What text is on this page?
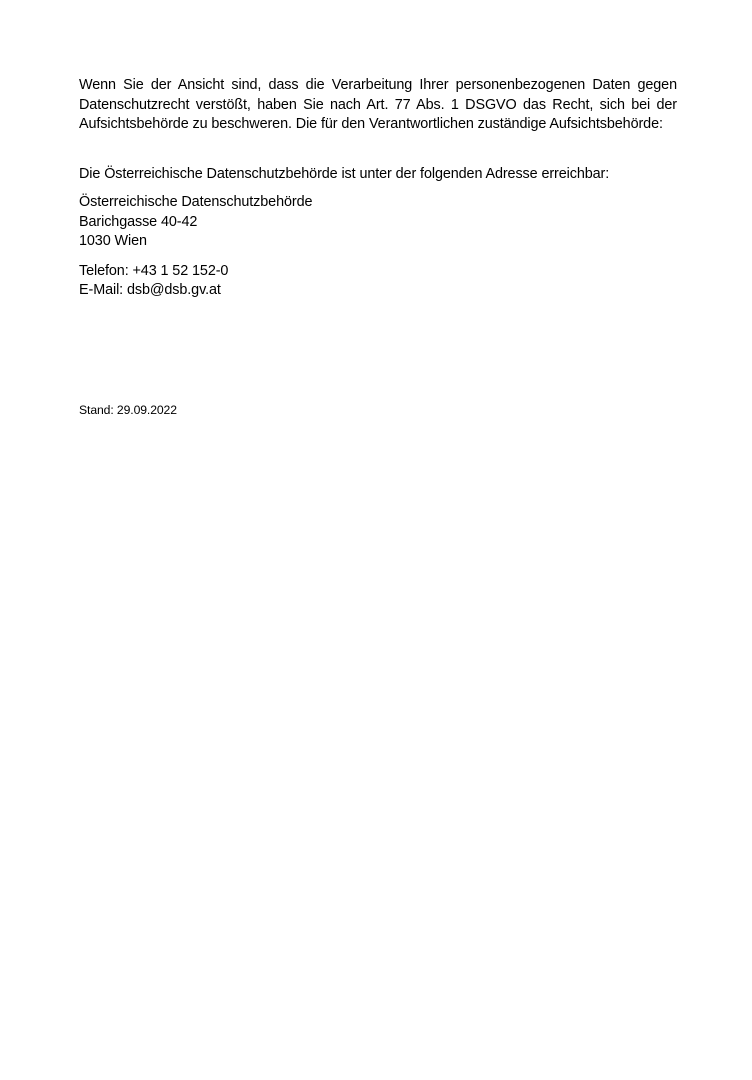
Wenn Sie der Ansicht sind, dass die Verarbeitung Ihrer personenbezogenen Daten gegen Datenschutzrecht verstößt, haben Sie nach Art. 77 Abs. 1 DSGVO das Recht, sich bei der Aufsichtsbehörde zu beschweren. Die für den Verantwortlichen zuständige Aufsichtsbehörde:

Die Österreichische Datenschutzbehörde ist unter der folgenden Adresse erreichbar:

Österreichische Datenschutzbehörde

Barichgasse 40-42

1030 Wien

Telefon: +43 1 52 152-0

E-Mail: dsb@dsb.gv.at

Stand: 29.09.2022
